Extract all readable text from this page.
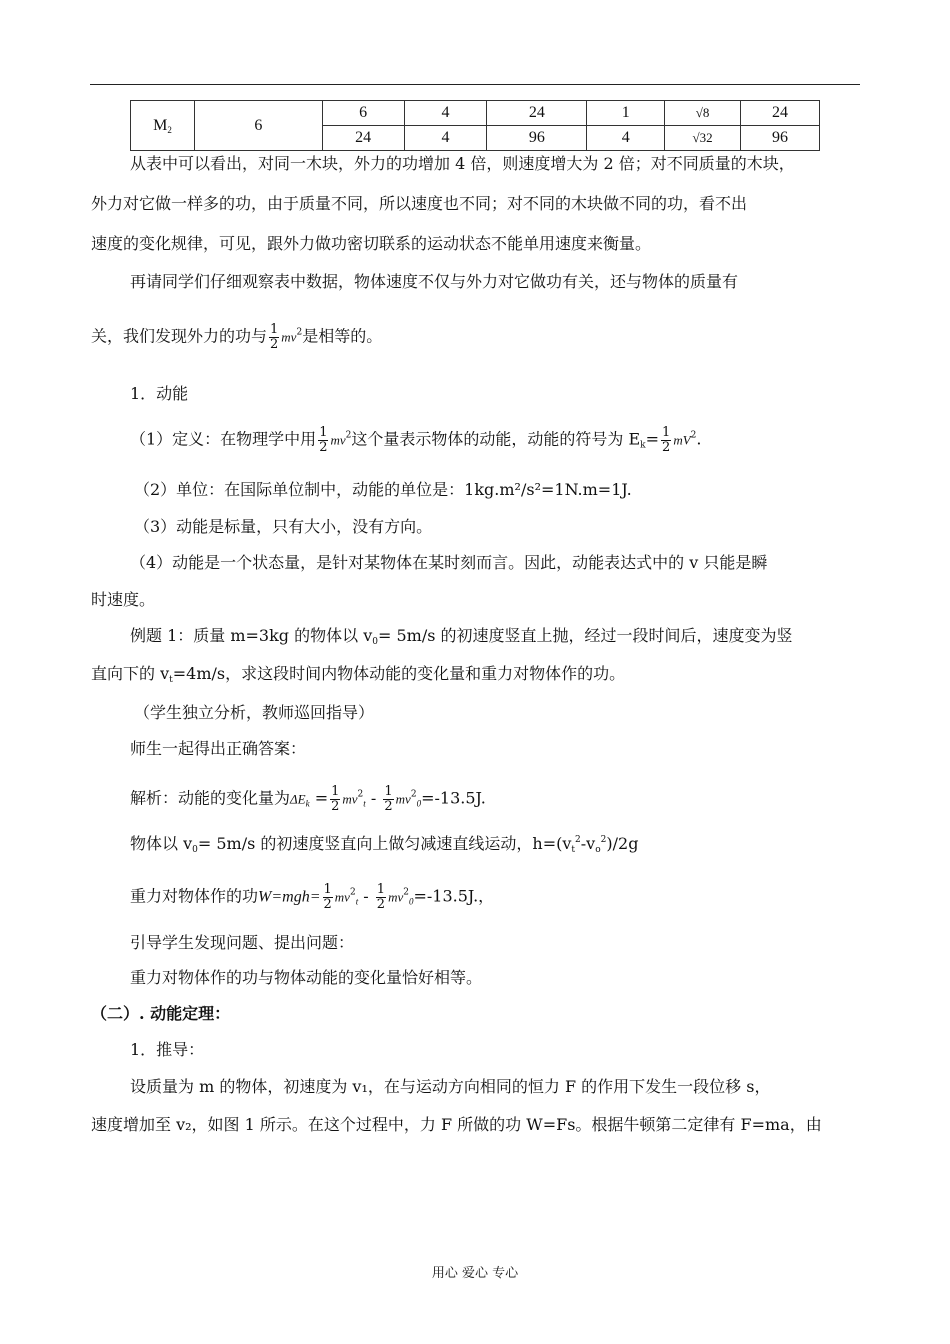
$M_2$	6	6	4	24	1	√8	24
		24	4	96	4	√32	96
从表中可以看出，对同一木块，外力的功增加 4 倍，则速度增大为 2 倍；对不同质量的木块，
外力对它做一样多的功，由于质量不同，所以速度也不同；对不同的木块做不同的功，看不出
速度的变化规律，可见，跟外力做功密切联系的运动状态不能单用速度来衡量。
再请同学们仔细观察表中数据，物体速度不仅与外力对它做功有关，还与物体的质量有
关，我们发现外力的功与 $\frac{1}{2} mv^2$是相等的。
1．动能
（1）定义：在物理学中用 $\frac{1}{2} mv^2$这个量表示物体的动能，动能的符号为 $E_k= \frac{1}{2} mV^2$.
（2）单位：在国际单位制中，动能的单位是：1kg.m²/s²=1N.m=1J.
（3）动能是标量，只有大小，没有方向。
（4）动能是一个状态量，是针对某物体在某时刻而言。因此，动能表达式中的 v 只能是瞬
时速度。
例题 1：质量 m=3kg 的物体以 $v_0= 5m/s$ 的初速度竖直上抛，经过一段时间后，速度变为竖
直向下的 $v_t=4m/s$，求这段时间内物体动能的变化量和重力对物体作的功。
（学生独立分析，教师巡回指导）
师生一起得出正确答案：
解析：动能的变化量为$\Delta E_k = \frac{1}{2} mv^2_t - \frac{1}{2} mv^2_0=-13.5J$.
物体以 $v_0= 5m/s$ 的初速度竖直向上做匀减速直线运动，$h=(v_t^2-v_o^2)/2g$
重力对物体作的功$W=mgh= \frac{1}{2} mv^2_t - \frac{1}{2} mv^2_0=-13.5J$.，
引导学生发现问题、提出问题：
重力对物体作的功与物体动能的变化量恰好相等。
（二）. 动能定理：
1．推导：
设质量为 m 的物体，初速度为 v₁，在与运动方向相同的恒力 F 的作用下发生一段位移 s，
速度增加至 v₂，如图 1 所示。在这个过程中，力 F 所做的功 W=Fs。根据牛顿第二定律有 F=ma，由
用心 爱心 专心
